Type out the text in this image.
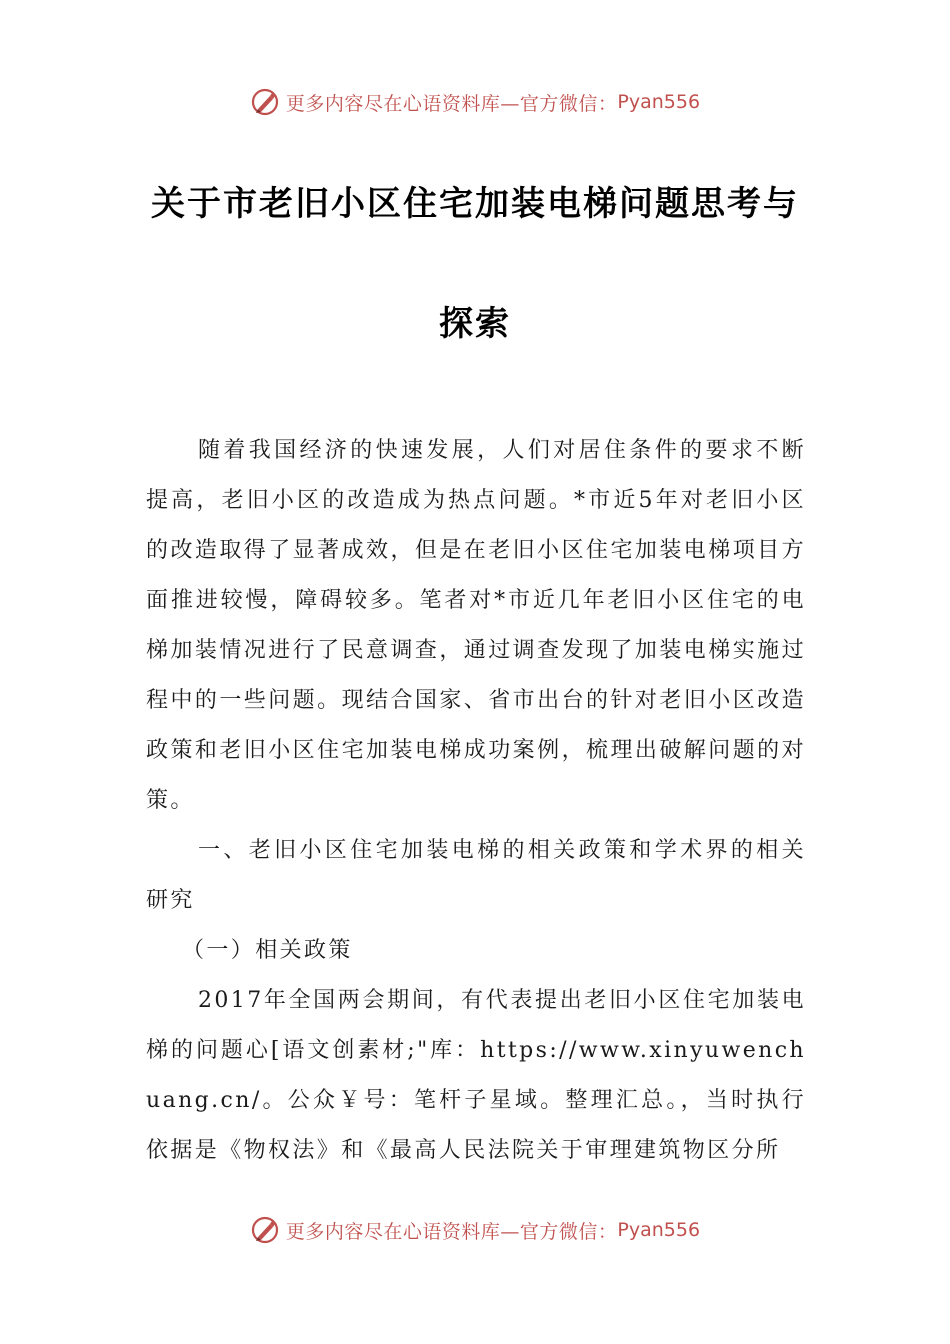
更多内容尽在心语资料库—官方微信： Pyan556
关于市老旧小区住宅加装电梯问题思考与
探索

随着我国经济的快速发展，人们对居住条件的要求不断提高，老旧小区的改造成为热点问题。*市近5年对老旧小区的改造取得了显著成效，但是在老旧小区住宅加装电梯项目方面推进较慢，障碍较多。笔者对*市近几年老旧小区住宅的电梯加装情况进行了民意调查，通过调查发现了加装电梯实施过程中的一些问题。现结合国家、省市出台的针对老旧小区改造政策和老旧小区住宅加装电梯成功案例，梳理出破解问题的对策。

一、老旧小区住宅加装电梯的相关政策和学术界的相关研究

（一）相关政策

2017年全国两会期间，有代表提出老旧小区住宅加装电梯的问题心[语文创素材;"库：https://www.xinyuwenchuang.cn/。公众￥号：笔杆子星域。整理汇总。，当时执行依据是《物权法》和《最高人民法院关于审理建筑物区分所

更多内容尽在心语资料库—官方微信： Pyan556
